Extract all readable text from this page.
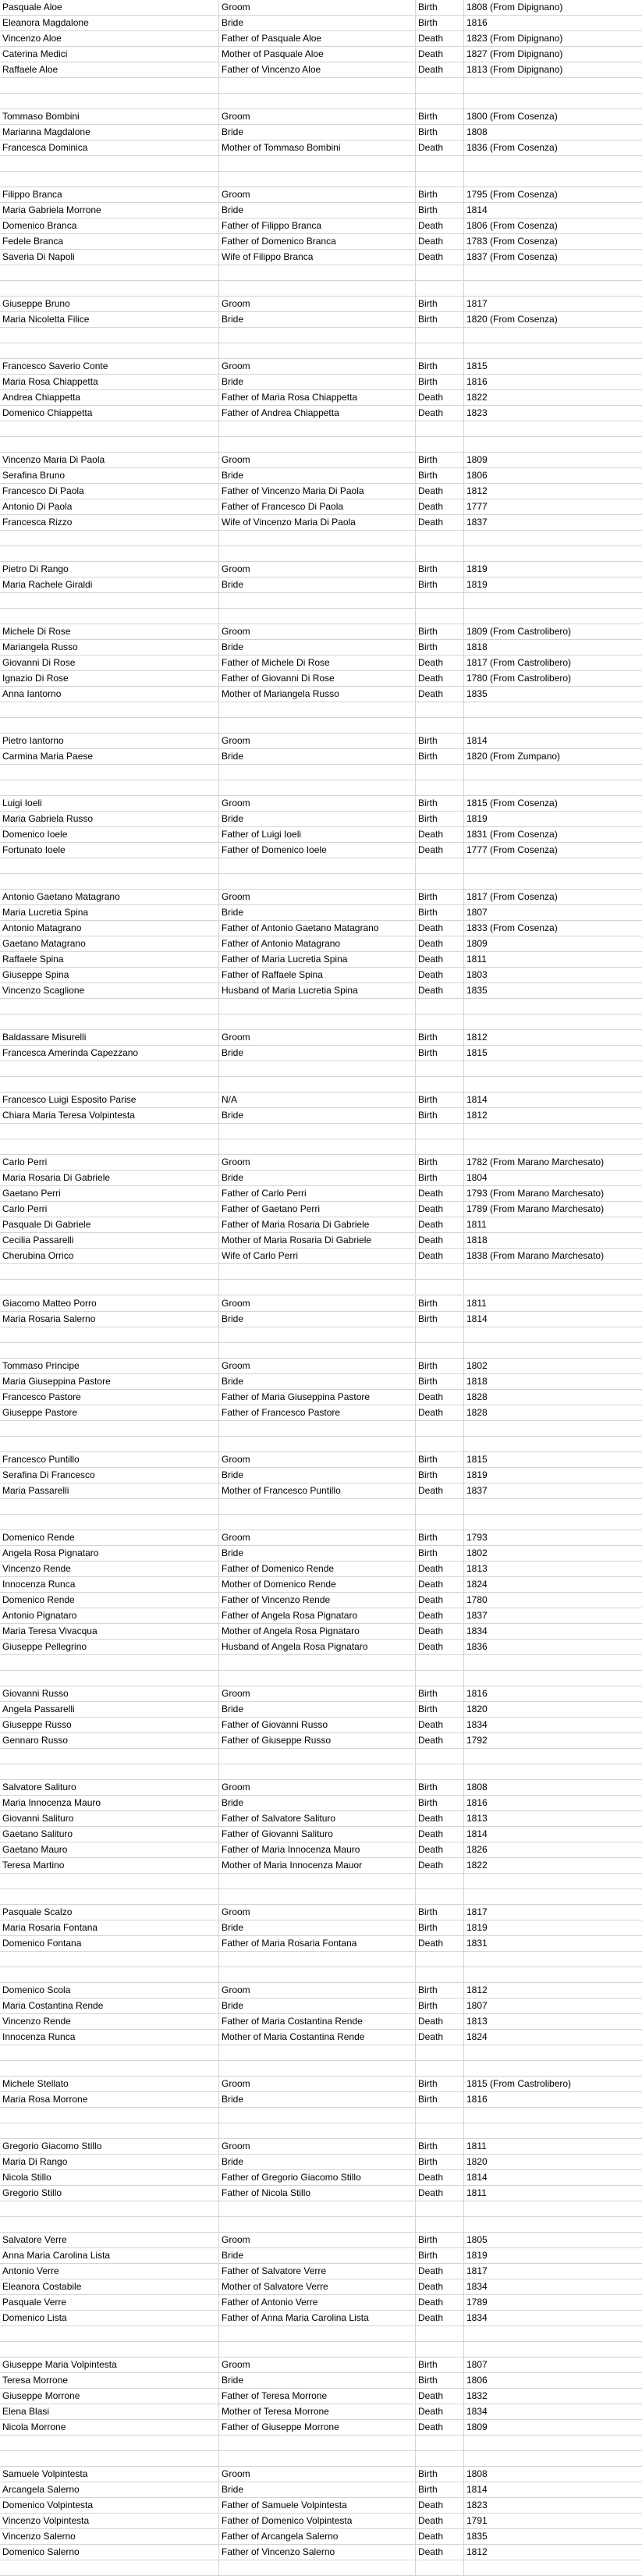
Pasquale Aloe	Groom	Birth	1808 (From Dipignano)
Eleanora Magdalone	Bride	Birth	1816
Vincenzo Aloe	Father of Pasquale Aloe	Death	1823 (From Dipignano)
Caterina Medici	Mother of Pasquale Aloe	Death	1827 (From Dipignano)
Raffaele Aloe	Father of Vincenzo Aloe	Death	1813 (From Dipignano)
Tommaso Bombini	Groom	Birth	1800 (From Cosenza)
Marianna Magdalone	Bride	Birth	1808
Francesca Dominica	Mother of Tommaso Bombini	Death	1836 (From Cosenza)
Filippo Branca	Groom	Birth	1795 (From Cosenza)
Maria Gabriela Morrone	Bride	Birth	1814
Domenico Branca	Father of Filippo Branca	Death	1806 (From Cosenza)
Fedele Branca	Father of Domenico Branca	Death	1783 (From Cosenza)
Saveria Di Napoli	Wife of Filippo Branca	Death	1837 (From Cosenza)
Giuseppe Bruno	Groom	Birth	1817
Maria Nicoletta Filice	Bride	Birth	1820 (From Cosenza)
Francesco Saverio Conte	Groom	Birth	1815
Maria Rosa Chiappetta	Bride	Birth	1816
Andrea Chiappetta	Father of Maria Rosa Chiappetta	Death	1822
Domenico Chiappetta	Father of Andrea Chiappetta	Death	1823
Vincenzo Maria Di Paola	Groom	Birth	1809
Serafina Bruno	Bride	Birth	1806
Francesco Di Paola	Father of Vincenzo Maria Di Paola	Death	1812
Antonio Di Paola	Father of Francesco Di Paola	Death	1777
Francesca Rizzo	Wife of Vincenzo Maria Di Paola	Death	1837
Pietro Di Rango	Groom	Birth	1819
Maria Rachele Giraldi	Bride	Birth	1819
Michele Di Rose	Groom	Birth	1809 (From Castrolibero)
Mariangela Russo	Bride	Birth	1818
Giovanni Di Rose	Father of Michele Di Rose	Death	1817 (From Castrolibero)
Ignazio Di Rose	Father of Giovanni Di Rose	Death	1780 (From Castrolibero)
Anna Iantorno	Mother of Mariangela Russo	Death	1835
Pietro Iantorno	Groom	Birth	1814
Carmina Maria Paese	Bride	Birth	1820 (From Zumpano)
Luigi Ioeli	Groom	Birth	1815 (From Cosenza)
Maria Gabriela Russo	Bride	Birth	1819
Domenico Ioele	Father of Luigi Ioeli	Death	1831 (From Cosenza)
Fortunato Ioele	Father of Domenico Ioele	Death	1777 (From Cosenza)
Antonio Gaetano Matagrano	Groom	Birth	1817 (From Cosenza)
Maria Lucretia Spina	Bride	Birth	1807
Antonio Matagrano	Father of Antonio Gaetano Matagrano	Death	1833 (From Cosenza)
Gaetano Matagrano	Father of Antonio Matagrano	Death	1809
Raffaele Spina	Father of Maria Lucretia Spina	Death	1811
Giuseppe Spina	Father of Raffaele Spina	Death	1803
Vincenzo Scaglione	Husband of Maria Lucretia Spina	Death	1835
Baldassare Misurelli	Groom	Birth	1812
Francesca Amerinda Capezzano	Bride	Birth	1815
Francesco Luigi Esposito Parise	N/A	Birth	1814
Chiara Maria Teresa Volpintesta	Bride	Birth	1812
Carlo Perri	Groom	Birth	1782 (From Marano Marchesato)
Maria Rosaria Di Gabriele	Bride	Birth	1804
Gaetano Perri	Father of Carlo Perri	Death	1793 (From Marano Marchesato)
Carlo Perri	Father of Gaetano Perri	Death	1789 (From Marano Marchesato)
Pasquale Di Gabriele	Father of Maria Rosaria Di Gabriele	Death	1811
Cecilia Passarelli	Mother of Maria Rosaria Di Gabriele	Death	1818
Cherubina Orrico	Wife of Carlo Perri	Death	1838 (From Marano Marchesato)
Giacomo Matteo Porro	Groom	Birth	1811
Maria Rosaria Salerno	Bride	Birth	1814
Tommaso Principe	Groom	Birth	1802
Maria Giuseppina Pastore	Bride	Birth	1818
Francesco Pastore	Father of Maria Giuseppina Pastore	Death	1828
Giuseppe Pastore	Father of Francesco Pastore	Death	1828
Francesco Puntillo	Groom	Birth	1815
Serafina Di Francesco	Bride	Birth	1819
Maria Passarelli	Mother of Francesco Puntillo	Death	1837
Domenico Rende	Groom	Birth	1793
Angela Rosa Pignataro	Bride	Birth	1802
Vincenzo Rende	Father of Domenico Rende	Death	1813
Innocenza Runca	Mother of Domenico Rende	Death	1824
Domenico Rende	Father of Vincenzo Rende	Death	1780
Antonio Pignataro	Father of Angela Rosa Pignataro	Death	1837
Maria Teresa Vivacqua	Mother of Angela Rosa Pignataro	Death	1834
Giuseppe Pellegrino	Husband of Angela Rosa Pignataro	Death	1836
Giovanni Russo	Groom	Birth	1816
Angela Passarelli	Bride	Birth	1820
Giuseppe Russo	Father of Giovanni Russo	Death	1834
Gennaro Russo	Father of Giuseppe Russo	Death	1792
Salvatore Salituro	Groom	Birth	1808
Maria Innocenza Mauro	Bride	Birth	1816
Giovanni Salituro	Father of Salvatore Salituro	Death	1813
Gaetano Salituro	Father of Giovanni Salituro	Death	1814
Gaetano Mauro	Father of Maria Innocenza Mauro	Death	1826
Teresa Martino	Mother of Maria Innocenza Mauor	Death	1822
Pasquale Scalzo	Groom	Birth	1817
Maria Rosaria Fontana	Bride	Birth	1819
Domenico Fontana	Father of Maria Rosaria Fontana	Death	1831
Domenico Scola	Groom	Birth	1812
Maria Costantina Rende	Bride	Birth	1807
Vincenzo Rende	Father of Maria Costantina Rende	Death	1813
Innocenza Runca	Mother of Maria Costantina Rende	Death	1824
Michele Stellato	Groom	Birth	1815 (From Castrolibero)
Maria Rosa Morrone	Bride	Birth	1816
Gregorio Giacomo Stillo	Groom	Birth	1811
Maria Di Rango	Bride	Birth	1820
Nicola Stillo	Father of Gregorio Giacomo Stillo	Death	1814
Gregorio Stillo	Father of Nicola Stillo	Death	1811
Salvatore Verre	Groom	Birth	1805
Anna Maria Carolina Lista	Bride	Birth	1819
Antonio Verre	Father of Salvatore Verre	Death	1817
Eleanora Costabile	Mother of Salvatore Verre	Death	1834
Pasquale Verre	Father of Antonio Verre	Death	1789
Domenico Lista	Father of Anna Maria Carolina Lista	Death	1834
Giuseppe Maria Volpintesta	Groom	Birth	1807
Teresa Morrone	Bride	Birth	1806
Giuseppe Morrone	Father of Teresa Morrone	Death	1832
Elena Blasi	Mother of Teresa Morrone	Death	1834
Nicola Morrone	Father of Giuseppe Morrone	Death	1809
Samuele Volpintesta	Groom	Birth	1808
Arcangela Salerno	Bride	Birth	1814
Domenico Volpintesta	Father of Samuele Volpintesta	Death	1823
Vincenzo Volpintesta	Father of Domenico Volpintesta	Death	1791
Vincenzo Salerno	Father of Arcangela Salerno	Death	1835
Domenico Salerno	Father of Vincenzo Salerno	Death	1812
